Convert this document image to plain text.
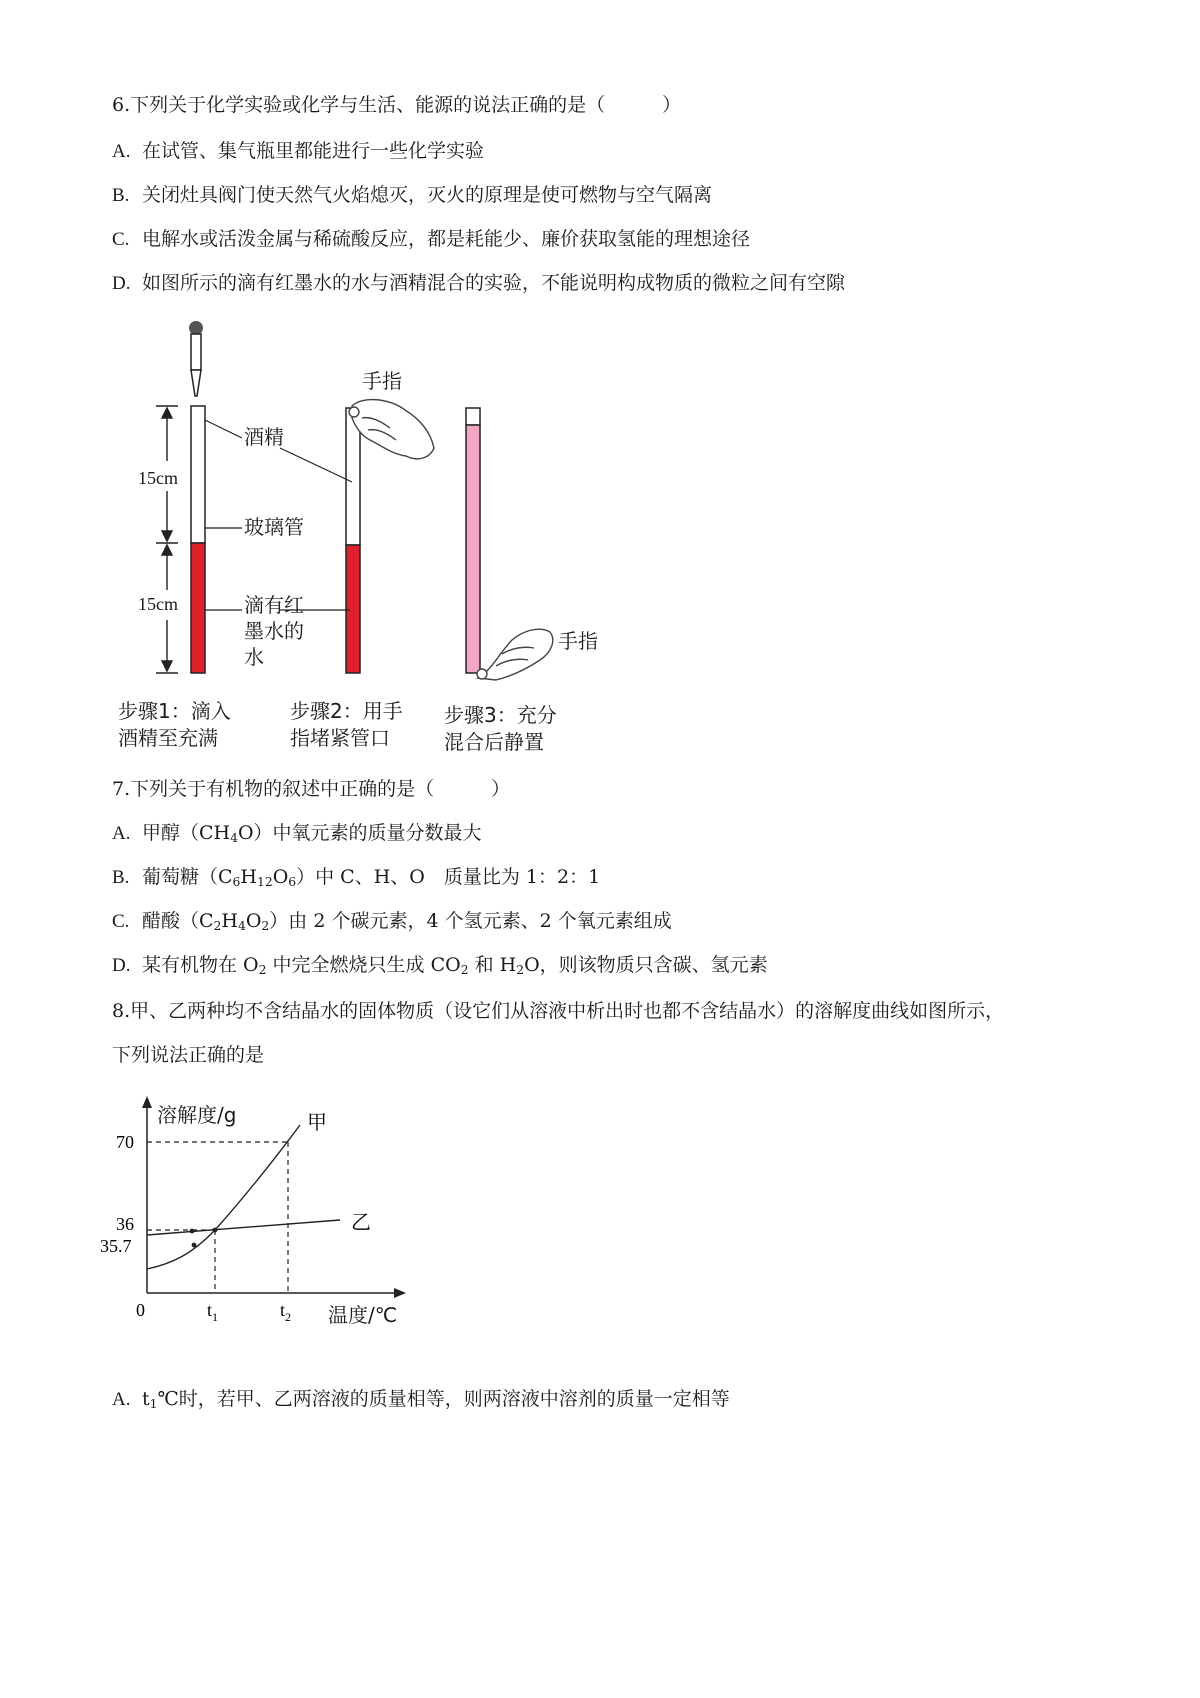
6.下列关于化学实验或化学与生活、能源的说法正确的是（　　　）
A. 在试管、集气瓶里都能进行一些化学实验
B. 关闭灶具阀门使天然气火焰熄灭，灭火的原理是使可燃物与空气隔离
C. 电解水或活泼金属与稀硫酸反应，都是耗能少、廉价获取氢能的理想途径
D. 如图所示的滴有红墨水的水与酒精混合的实验，不能说明构成物质的微粒之间有空隙
15cm
15cm
酒精
玻璃管
滴有红
墨水的
水
手指
手指
步骤1：滴入
酒精至充满
步骤2：用手
指堵紧管口
步骤3：充分
混合后静置
7.下列关于有机物的叙述中正确的是（　　　）
A. 甲醇$(CH_4O)$中氧元素的质量分数最大
B. 葡萄糖$(C_6H_{12}O_6)$中 C、H、O　质量比为 1：2：1
C. 醋酸$(C_2H_4O_2)$由 2 个碳元素，4 个氢元素、2 个氧元素组成
D. 某有机物在 $O_2$ 中完全燃烧只生成 $CO_2$ 和 $H_2O$，则该物质只含碳、氢元素
8.甲、乙两种均不含结晶水的固体物质（设它们从溶液中析出时也都不含结晶水）的溶解度曲线如图所示，
下列说法正确的是
溶解度/g
温度/℃
0	$t_1$	$t_2$
35.7
36
70
甲
乙
A. $t_1℃$时，若甲、乙两溶液的质量相等，则两溶液中溶剂的质量一定相等
